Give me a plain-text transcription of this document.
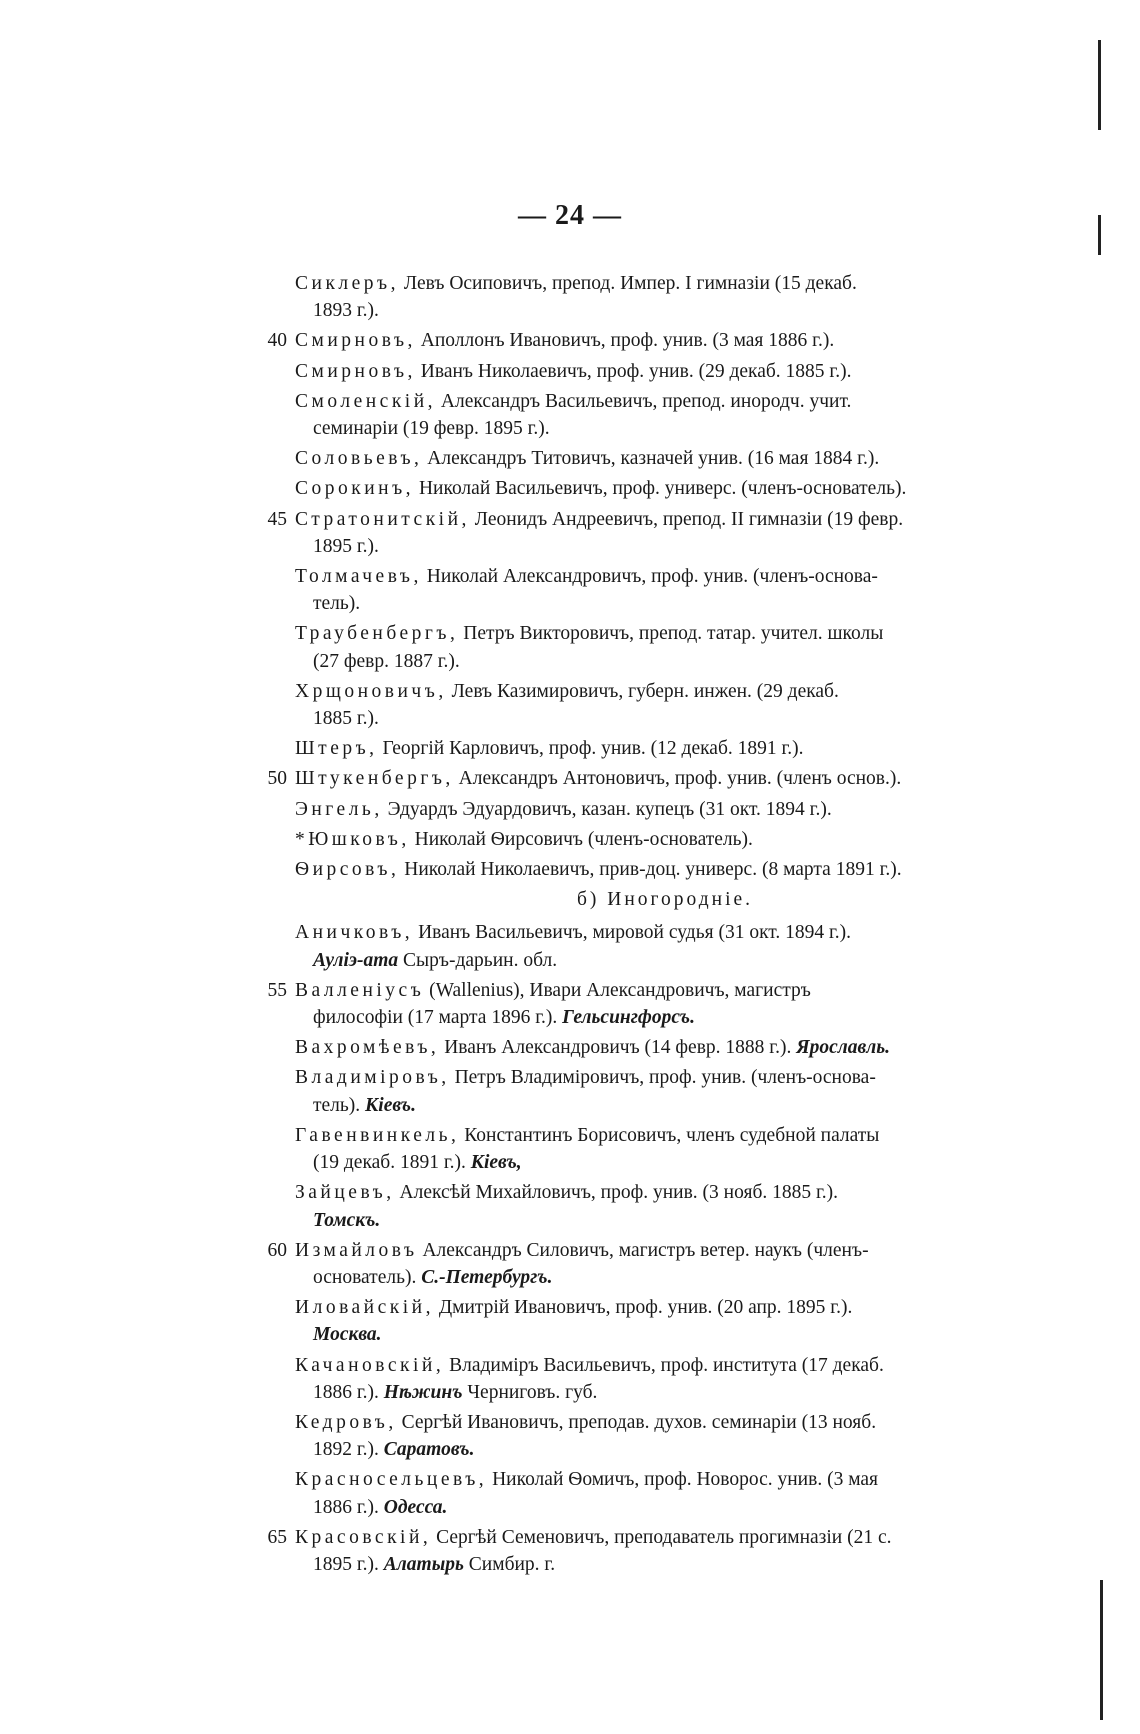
— 24 —
Сиклеръ, Левъ Осиповичъ, препод. Импер. I гимназіи (15 декаб.
1893 г.).
40 Смирновъ, Аполлонъ Ивановичъ, проф. унив. (3 мая 1886 г.).
Смирновъ, Иванъ Николаевичъ, проф. унив. (29 декаб. 1885 г.).
Смоленскій, Александръ Васильевичъ, препод. инородч. учит.
семинаріи (19 февр. 1895 г.).
Соловьевъ, Александръ Титовичъ, казначей унив. (16 мая 1884 г.).
Сорокинъ, Николай Васильевичъ, проф. универс. (членъ-основатель).
45 Стратонитскій, Леонидъ Андреевичъ, препод. II гимназіи (19 февр.
1895 г.).
Толмачевъ, Николай Александровичъ, проф. унив. (членъ-основа-
тель).
Траубенбергъ, Петръ Викторовичъ, препод. татар. учител. школы
(27 февр. 1887 г.).
Хрщоновичъ, Левъ Казимировичъ, губерн. инжен. (29 декаб.
1885 г.).
Штеръ, Георгій Карловичъ, проф. унив. (12 декаб. 1891 г.).
50 Штукенбергъ, Александръ Антоновичъ, проф. унив. (членъ основ.).
Энгель, Эдуардъ Эдуардовичъ, казан. купецъ (31 окт. 1894 г.).
*Юшковъ, Николай Ѳирсовичъ (членъ-основатель).
Ѳирсовъ, Николай Николаевичъ, прив-доц. универс. (8 марта 1891 г.).
б) Иногородніе.
Аничковъ, Иванъ Васильевичъ, мировой судья (31 окт. 1894 г.).
Аулiэ-ата Сыръ-дарьин. обл.
55 Валленіусъ (Wallenius), Ивари Александровичъ, магистръ
философіи (17 марта 1896 г.). Гельсингфорсъ.
Вахромѣевъ, Иванъ Александровичъ (14 февр. 1888 г.). Ярославль.
Владиміровъ, Петръ Владиміровичъ, проф. унив. (членъ-основа-
тель). Кіевъ.
Гавенвинкель, Константинъ Борисовичъ, членъ судебной палаты
(19 декаб. 1891 г.). Кіевъ,
Зайцевъ, Алексѣй Михайловичъ, проф. унив. (3 нояб. 1885 г.).
Томскъ.
60 Измайловъ Александръ Силовичъ, магистръ ветер. наукъ (членъ-
основатель). С.-Петербургъ.
Иловайскій, Дмитрій Ивановичъ, проф. унив. (20 апр. 1895 г.).
Москва.
Качановскій, Владиміръ Васильевичъ, проф. института (17 декаб.
1886 г.). Нѣжинъ Черниговъ. губ.
Кедровъ, Сергѣй Ивановичъ, преподав. духов. семинаріи (13 нояб.
1892 г.). Саратовъ.
Красносельцевъ, Николай Ѳомичъ, проф. Новорос. унив. (3 мая
1886 г.). Одесса.
65 Красовскій, Сергѣй Семеновичъ, преподаватель прогимназіи (21 с.
1895 г.). Алатырь Симбир. г.
